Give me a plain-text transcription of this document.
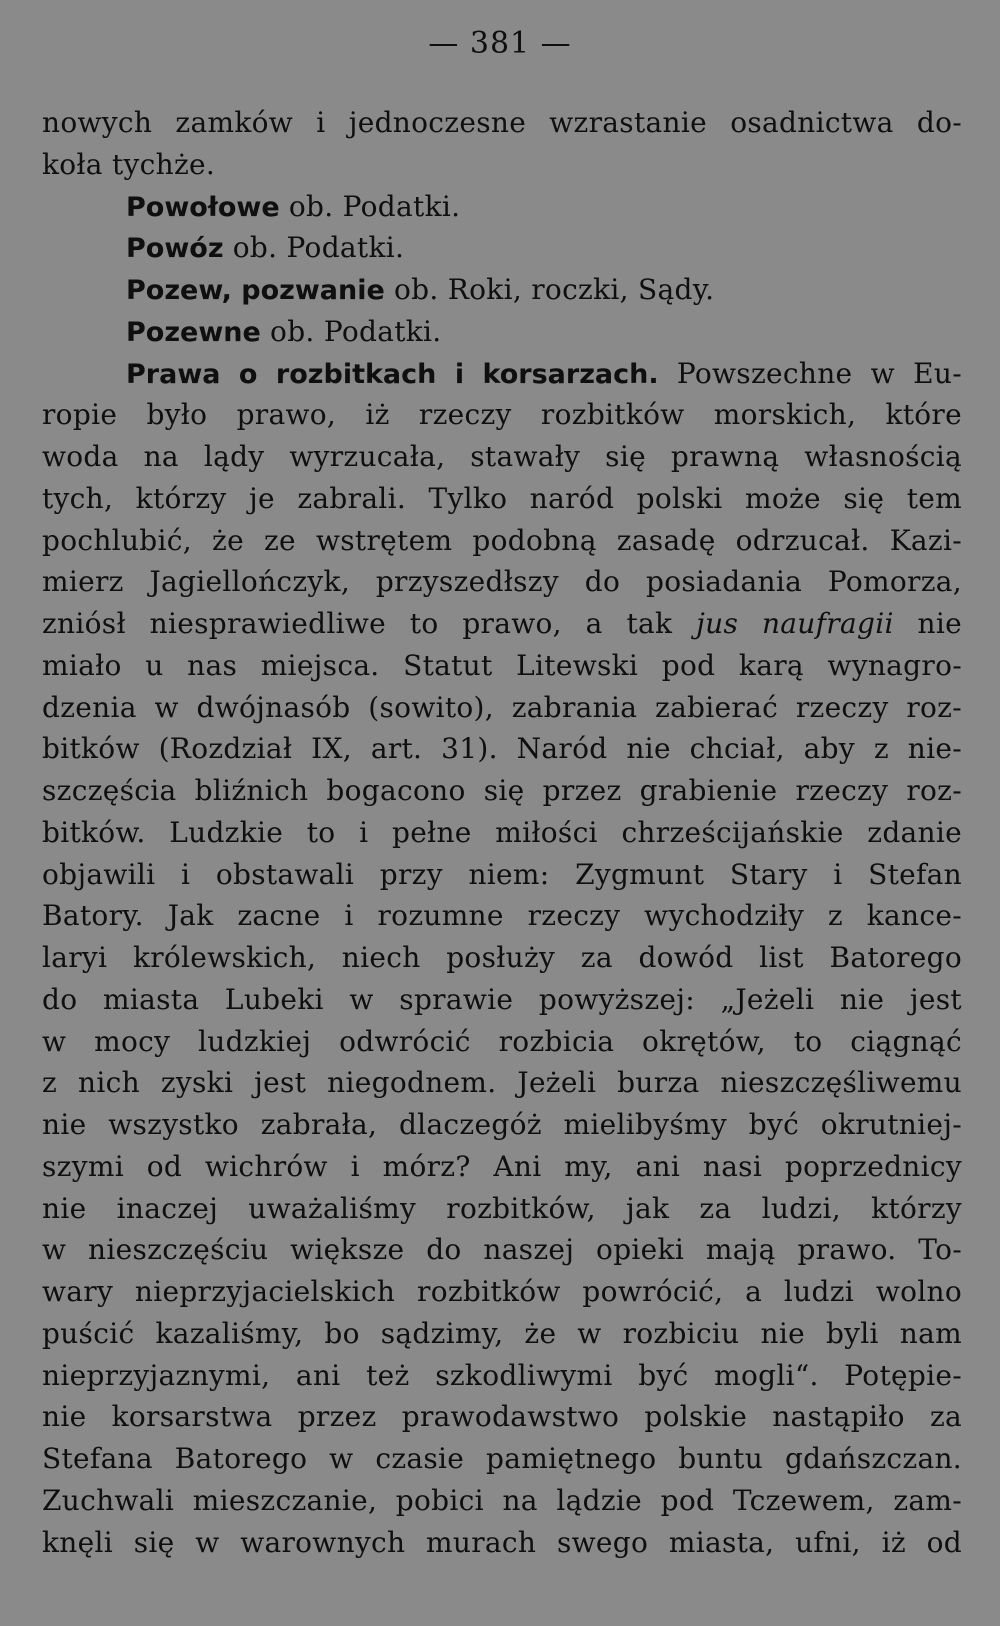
— 381 —
nowych zamków i jednoczesne wzrastanie osadnictwa do-
koła tychże.
Powołowe ob. Podatki.
Powóz ob. Podatki.
Pozew, pozwanie ob. Roki, roczki, Sądy.
Pozewne ob. Podatki.
Prawa o rozbitkach i korsarzach. Powszechne w Eu-
ropie było prawo, iż rzeczy rozbitków morskich, które
woda na lądy wyrzucała, stawały się prawną własnością
tych, którzy je zabrali. Tylko naród polski może się tem
pochlubić, że ze wstrętem podobną zasadę odrzucał. Kazi-
mierz Jagiellończyk, przyszedłszy do posiadania Pomorza,
zniósł niesprawiedliwe to prawo, a tak jus naufragii nie
miało u nas miejsca. Statut Litewski pod karą wynagro-
dzenia w dwójnasób (sowito), zabrania zabierać rzeczy roz-
bitków (Rozdział IX, art. 31). Naród nie chciał, aby z nie-
szczęścia bliźnich bogacono się przez grabienie rzeczy roz-
bitków. Ludzkie to i pełne miłości chrześcijańskie zdanie
objawili i obstawali przy niem: Zygmunt Stary i Stefan
Batory. Jak zacne i rozumne rzeczy wychodziły z kance-
laryi królewskich, niech posłuży za dowód list Batorego
do miasta Lubeki w sprawie powyższej: „Jeżeli nie jest
w mocy ludzkiej odwrócić rozbicia okrętów, to ciągnąć
z nich zyski jest niegodnem. Jeżeli burza nieszczęśliwemu
nie wszystko zabrała, dlaczegóż mielibyśmy być okrutniej-
szymi od wichrów i mórz? Ani my, ani nasi poprzednicy
nie inaczej uważaliśmy rozbitków, jak za ludzi, którzy
w nieszczęściu większe do naszej opieki mają prawo. To-
wary nieprzyjacielskich rozbitków powrócić, a ludzi wolno
puścić kazaliśmy, bo sądzimy, że w rozbiciu nie byli nam
nieprzyjaznymi, ani też szkodliwymi być mogli“. Potępie-
nie korsarstwa przez prawodawstwo polskie nastąpiło za
Stefana Batorego w czasie pamiętnego buntu gdańszczan.
Zuchwali mieszczanie, pobici na lądzie pod Tczewem, zam-
knęli się w warownych murach swego miasta, ufni, iż od
